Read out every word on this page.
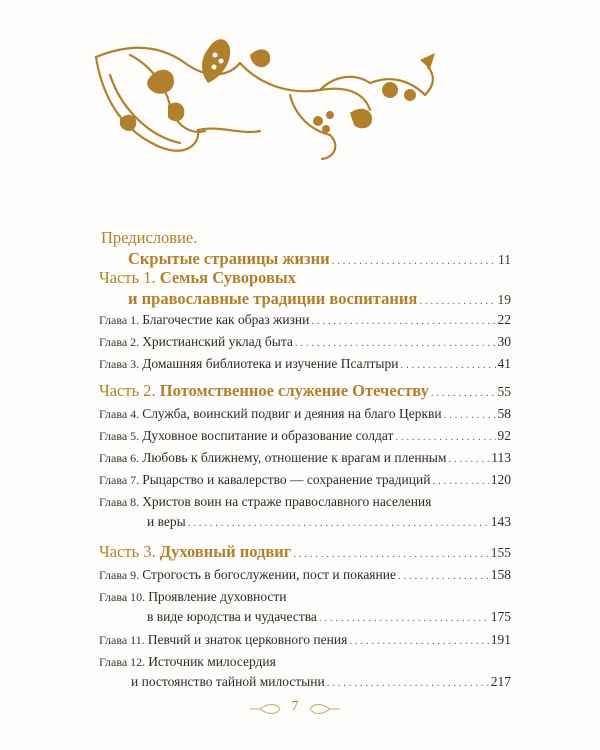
Предисловие.
Скрытые страницы жизни . . .	11
Часть 1. Семья Суворовых
и православные традиции воспитания . . .	19
Глава 1. Благочестие как образ жизни . . .	22
Глава 2. Христианский уклад быта . . .	30
Глава 3. Домашняя библиотека и изучение Псалтыри . . .	41
Часть 2. Потомственное служение Отечеству . . .	55
Глава 4. Служба, воинский подвиг и деяния на благо Церкви . . .	58
Глава 5. Духовное воспитание и образование солдат . . .	92
Глава 6. Любовь к ближнему, отношение к врагам и пленным . . .	113
Глава 7. Рыцарство и кавалерство — сохранение традиций . . .	120
Глава 8. Христов воин на страже православного населения
и веры . . .	143
Часть 3. Духовный подвиг . . .	155
Глава 9. Строгость в богослужении, пост и покаяние . . .	158
Глава 10. Проявление духовности
в виде юродства и чудачества . . .	175
Глава 11. Певчий и знаток церковного пения . . .	191
Глава 12. Источник милосердия
и постоянство тайной милостыни . . .	217
7
